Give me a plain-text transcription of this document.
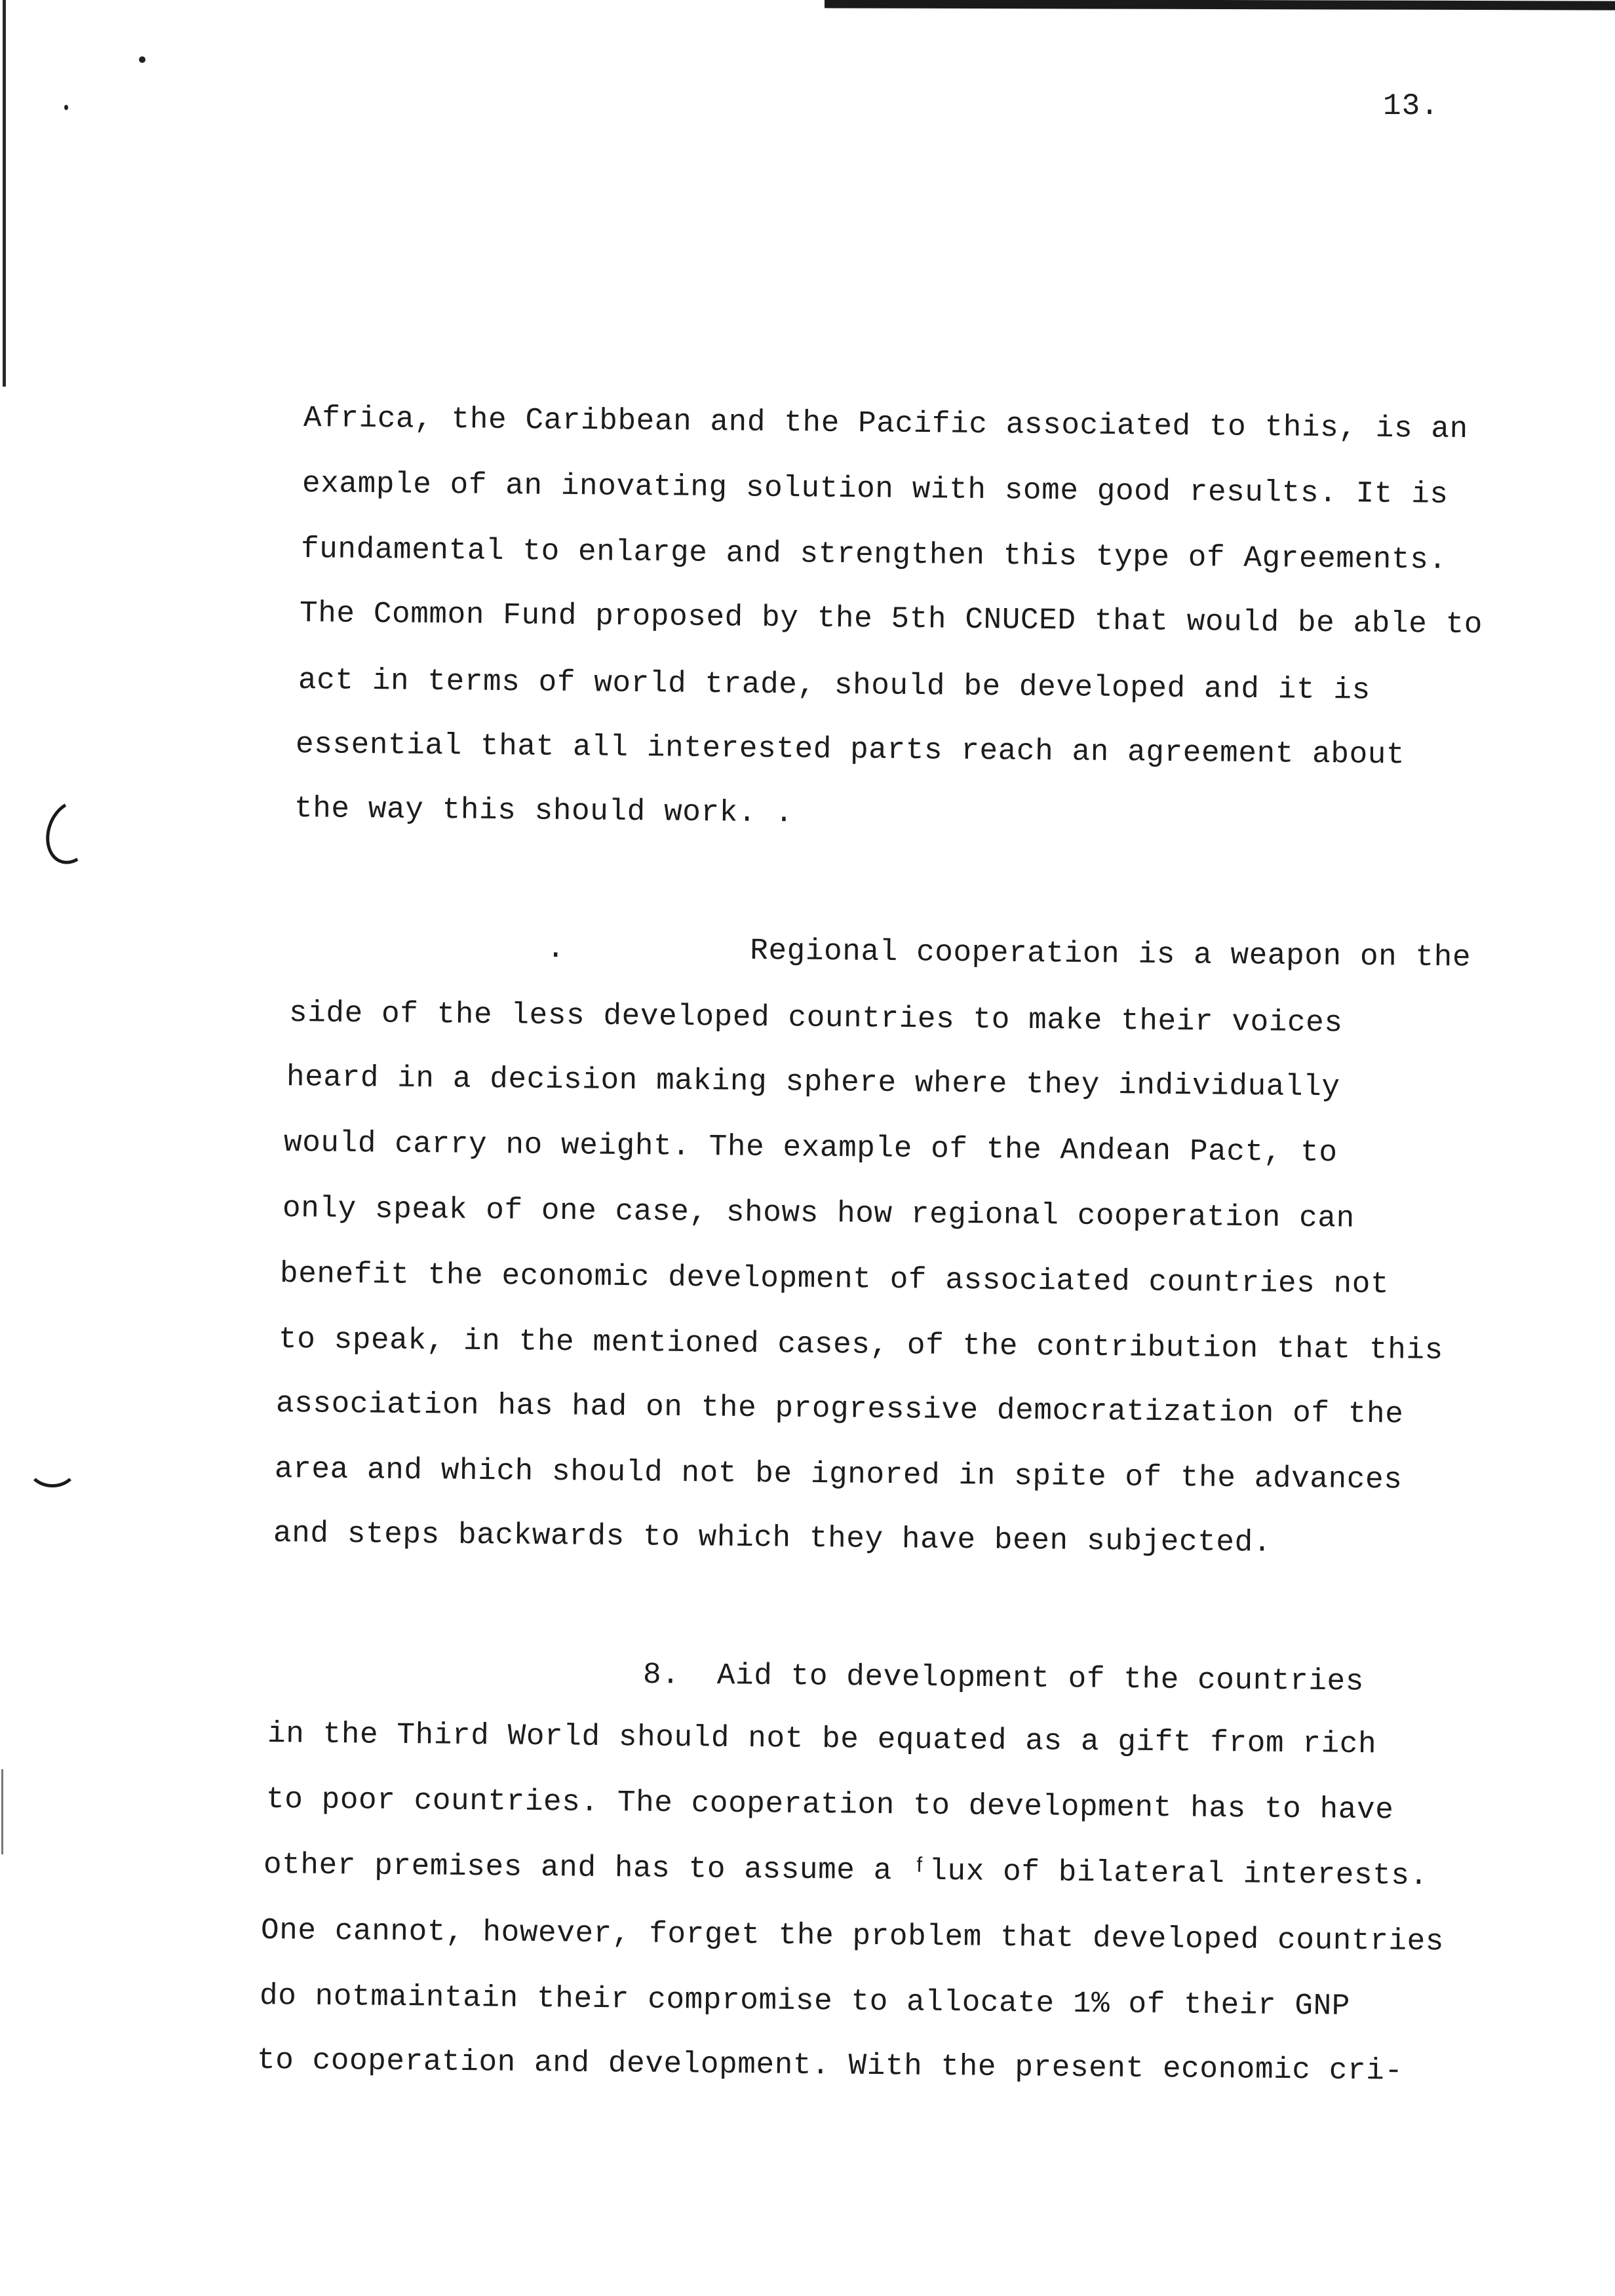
13.
Africa, the Caribbean and the Pacific associated to this, is an
example of an inovating solution with some good results. It is
fundamental to enlarge and strengthen this type of Agreements.
The Common Fund proposed by the 5th CNUCED that would be able to
act in terms of world trade, should be developed and it is
essential that all interested parts reach an agreement about
the way this should work. .
.          Regional cooperation is a weapon on the
side of the less developed countries to make their voices
heard in a decision making sphere where they individually
would carry no weight. The example of the Andean Pact, to
only speak of one case, shows how regional cooperation can
benefit the economic development of associated countries not
to speak, in the mentioned cases, of the contribution that this
association has had on the progressive democratization of the
area and which should not be ignored in spite of the advances
and steps backwards to which they have been subjected.
8.  Aid to development of the countries
in the Third World should not be equated as a gift from rich
to poor countries. The cooperation to development has to have
other premises and has to assume a ᶠlux of bilateral interests.
One cannot, however, forget the problem that developed countries
do notmaintain their compromise to allocate 1% of their GNP
to cooperation and development. With the present economic cri-
